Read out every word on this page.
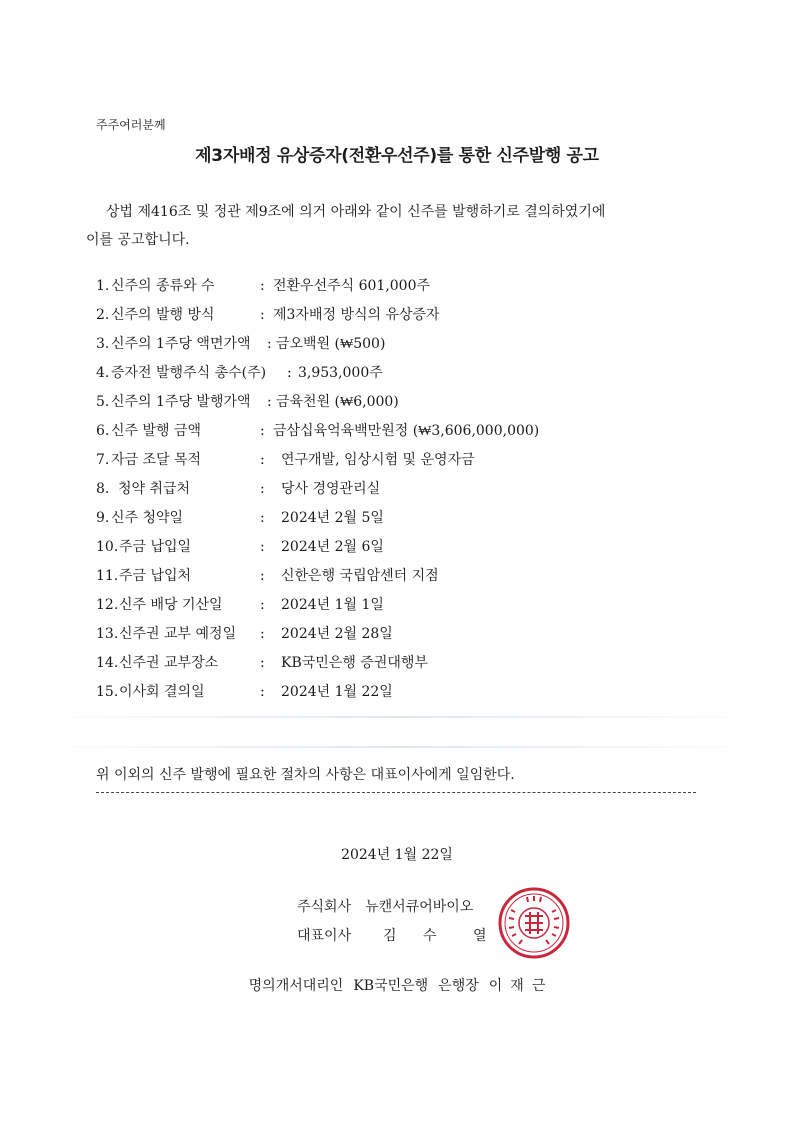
주주여러분께
제3자배정 유상증자(전환우선주)를 통한 신주발행 공고
상법 제416조 및 정관 제9조에 의거 아래와 같이 신주를 발행하기로 결의하였기에
이를 공고합니다.
1. 신주의 종류와 수	: 전환우선주식 601,000주
2. 신주의 발행 방식	: 제3자배정 방식의 유상증자
3. 신주의 1주당 액면가액 : 금오백원 (₩500)
4. 증자전 발행주식 총수(주) : 3,953,000주
5. 신주의 1주당 발행가액 : 금육천원 (₩6,000)
6. 신주 발행 금액	: 금삼십육억육백만원정 (₩3,606,000,000)
7. 자금 조달 목적	: 연구개발, 임상시험 및 운영자금
8. 청약 취급처	: 당사 경영관리실
9. 신주 청약일	: 2024년 2월 5일
10. 주금 납입일	: 2024년 2월 6일
11. 주금 납입처	: 신한은행 국립암센터 지점
12. 신주 배당 기산일	: 2024년 1월 1일
13. 신주권 교부 예정일 : 2024년 2월 28일
14. 신주권 교부장소	: KB국민은행 증권대행부
15. 이사회 결의일	: 2024년 1월 22일
위 이외의 신주 발행에 필요한 절차의 사항은 대표이사에게 일임한다.
2024년 1월 22일
주식회사 뉴캔서큐어바이오
대표이사 김 수	열
명의개서대리인 KB국민은행 은행장 이 재 근
